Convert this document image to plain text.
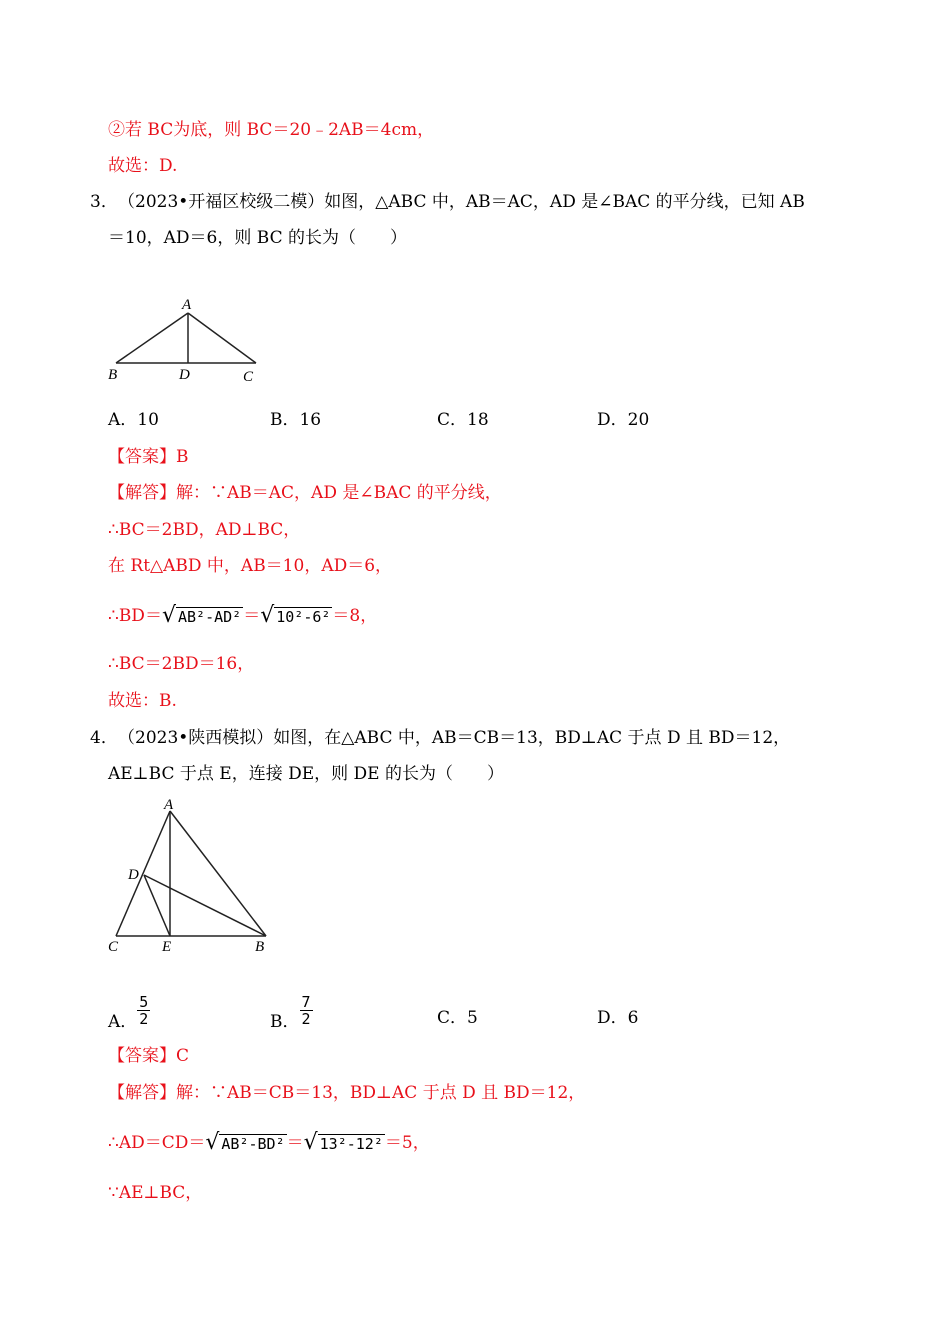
②若 BC为底，则 BC＝20﹣2AB＝4cm，
故选：D.
3． （2023•开福区校级二模）如图，△ABC 中，AB＝AC，AD 是∠BAC 的平分线，已知 AB
＝10，AD＝6，则 BC 的长为（　　）
A
B	D	C
A．10	B．16	C．18	D．20
【答案】B
【解答】解：∵AB＝AC，AD 是∠BAC 的平分线，
∴BC＝2BD，AD⊥BC，
在 Rt△ABD 中，AB＝10，AD＝6，
∴BD＝√ AB²-AD² ＝√ 10²-6² ＝8，
∴BC＝2BD＝16，
故选：B.
4． （2023•陕西模拟）如图，在△ABC 中，AB＝CB＝13，BD⊥AC 于点 D 且 BD＝12，
AE⊥BC 于点 E，连接 DE，则 DE 的长为（　　）
A
D
C	E	B
A． $\frac{5}{2}$	B． $\frac{7}{2}$	C．5	D．6
【答案】C
【解答】解：∵AB＝CB＝13，BD⊥AC 于点 D 且 BD＝12，
∴AD＝CD＝√ AB²-BD² ＝√ 13²-12² ＝5，
∵AE⊥BC，
